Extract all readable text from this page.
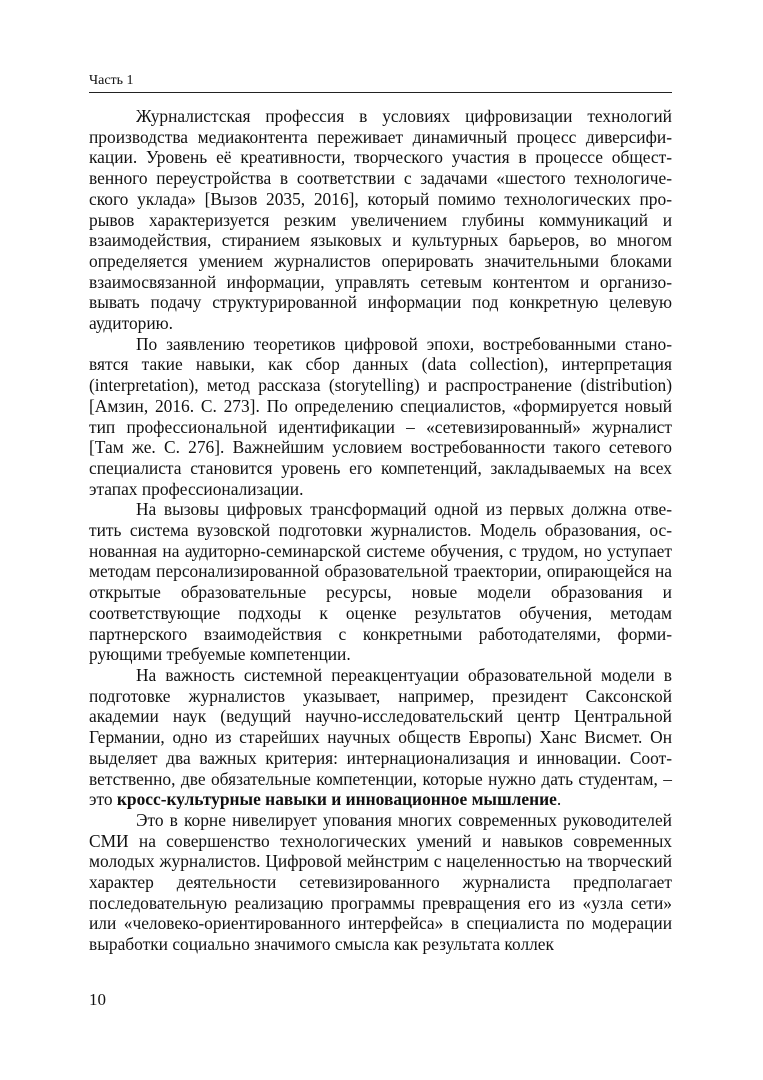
Часть 1

Журналистская профессия в условиях цифровизации технологий производства медиаконтента переживает динамичный процесс диверсификации. Уровень её креативности, творческого участия в процессе общественного переустройства в соответствии с задачами «шестого технологического уклада» [Вызов 2035, 2016], который помимо технологических прорывов характеризуется резким увеличением глубины коммуникаций и взаимодействия, стиранием языковых и культурных барьеров, во многом определяется умением журналистов оперировать значительными блоками взаимосвязанной информации, управлять сетевым контентом и организовывать подачу структурированной информации под конкретную целевую аудиторию.

По заявлению теоретиков цифровой эпохи, востребованными становятся такие навыки, как сбор данных (data collection), интерпретация (interpretation), метод рассказа (storytelling) и распространение (distribution) [Амзин, 2016. С. 273]. По определению специалистов, «формируется новый тип профессиональной идентификации – «сетевизированный» журналист [Там же. С. 276]. Важнейшим условием востребованности такого сетевого специалиста становится уровень его компетенций, закладываемых на всех этапах профессионализации.

На вызовы цифровых трансформаций одной из первых должна ответить система вузовской подготовки журналистов. Модель образования, основанная на аудиторно-семинарской системе обучения, с трудом, но уступает методам персонализированной образовательной траектории, опирающейся на открытые образовательные ресурсы, новые модели образования и соответствующие подходы к оценке результатов обучения, методам партнерского взаимодействия с конкретными работодателями, формирующими требуемые компетенции.

На важность системной переакцентуации образовательной модели в подготовке журналистов указывает, например, президент Саксонской академии наук (ведущий научно-исследовательский центр Центральной Германии, одно из старейших научных обществ Европы) Ханс Висмет. Он выделяет два важных критерия: интернационализация и инновации. Соответственно, две обязательные компетенции, которые нужно дать студентам, – это кросс-культурные навыки и инновационное мышление.

Это в корне нивелирует упования многих современных руководителей СМИ на совершенство технологических умений и навыков современных молодых журналистов. Цифровой мейнстрим с нацеленностью на творческий характер деятельности сетевизированного журналиста предполагает последовательную реализацию программы превращения его из «узла сети» или «человеко-ориентированного интерфейса» в специалиста по модерации выработки социально значимого смысла как результата коллек

10
